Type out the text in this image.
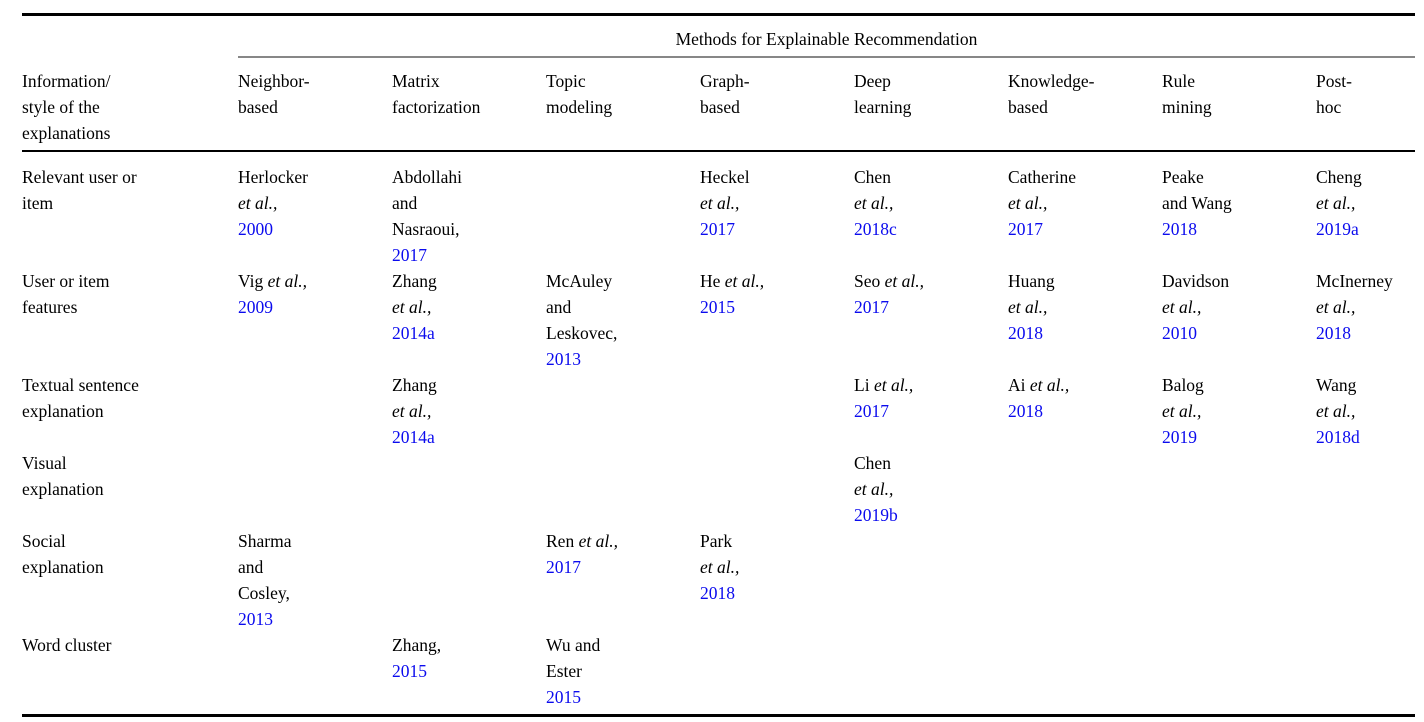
Methods for Explainable Recommendation
Information/
style of the
explanations
Neighbor-
based
Matrix
factorization
Topic
modeling
Graph-
based
Deep
learning
Knowledge-
based
Rule
mining
Post-
hoc
Relevant user or
item
Herlocker
et al.,
2000
Abdollahi
and
Nasraoui,
2017
Heckel
et al.,
2017
Chen
et al.,
2018c
Catherine
et al.,
2017
Peake
and Wang
2018
Cheng
et al.,
2019a
User or item
features
Vig et al.,
2009
Zhang
et al.,
2014a
McAuley
and
Leskovec,
2013
He et al.,
2015
Seo et al.,
2017
Huang
et al.,
2018
Davidson
et al.,
2010
McInerney
et al.,
2018
Textual sentence
explanation
Zhang
et al.,
2014a
Li et al.,
2017
Ai et al.,
2018
Balog
et al.,
2019
Wang
et al.,
2018d
Visual
explanation
Chen
et al.,
2019b
Social
explanation
Sharma
and
Cosley,
2013
Ren et al.,
2017
Park
et al.,
2018
Word cluster	Zhang,
2015
Wu and
Ester
2015
